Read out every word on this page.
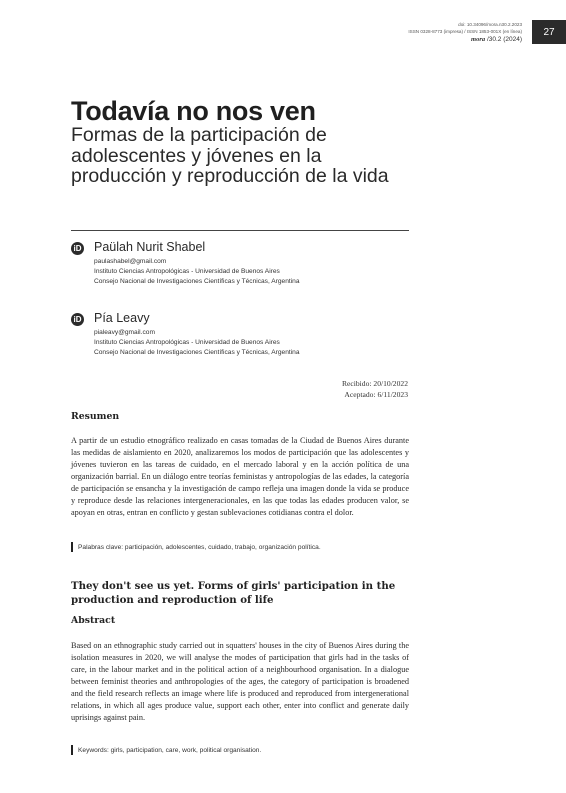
doi: 10.34096/mora.n30.2.2023
ISSN 0328-8773 (impresa) / ISSN 1853-001X (en línea)
mora /30.2 (2024)
27
Todavía no nos ven
Formas de la participación de adolescentes y jóvenes en la producción y reproducción de la vida
iD Paülah Nurit Shabel
paulashabel@gmail.com
Instituto Ciencias Antropológicas - Universidad de Buenos Aires
Consejo Nacional de Investigaciones Científicas y Técnicas, Argentina
iD Pía Leavy
pialeavy@gmail.com
Instituto Ciencias Antropológicas - Universidad de Buenos Aires
Consejo Nacional de Investigaciones Científicas y Técnicas, Argentina
Recibido: 20/10/2022
Aceptado: 6/11/2023
Resumen
A partir de un estudio etnográfico realizado en casas tomadas de la Ciudad de Buenos Aires durante las medidas de aislamiento en 2020, analizaremos los modos de participación que las adolescentes y jóvenes tuvieron en las tareas de cuidado, en el mercado laboral y en la acción política de una organización barrial. En un diálogo entre teorías feministas y antropologías de las edades, la categoría de participación se ensancha y la investigación de campo refleja una imagen donde la vida se produce y reproduce desde las relaciones intergeneracionales, en las que todas las edades producen valor, se apoyan en otras, entran en conflicto y gestan sublevaciones cotidianas contra el dolor.
Palabras clave: participación, adolescentes, cuidado, trabajo, organización política.
They don't see us yet. Forms of girls' participation in the production and reproduction of life
Abstract
Based on an ethnographic study carried out in squatters' houses in the city of Buenos Aires during the isolation measures in 2020, we will analyse the modes of participation that girls had in the tasks of care, in the labour market and in the political action of a neighbourhood organisation. In a dialogue between feminist theories and anthropologies of the ages, the category of participation is broadened and the field research reflects an image where life is produced and reproduced from intergenerational relations, in which all ages produce value, support each other, enter into conflict and generate daily uprisings against pain.
Keywords: girls, participation, care, work, political organisation.
